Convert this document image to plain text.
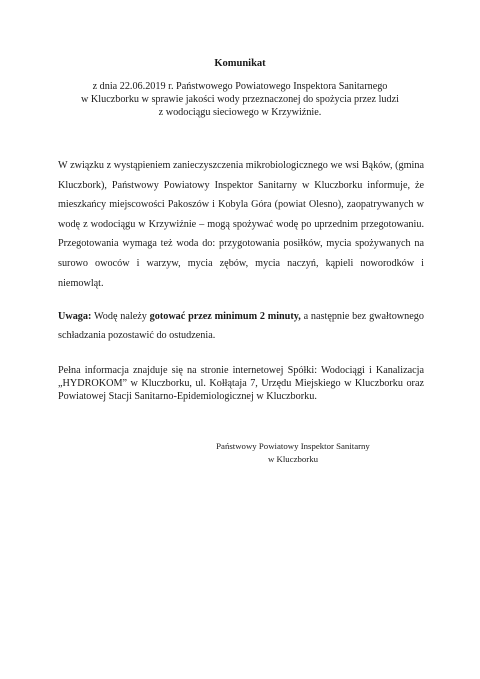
Komunikat
z dnia 22.06.2019 r. Państwowego Powiatowego Inspektora Sanitarnego
w Kluczborku w sprawie jakości wody przeznaczonej do spożycia przez ludzi
z wodociągu sieciowego w Krzywiźnie.
W związku z wystąpieniem zanieczyszczenia mikrobiologicznego we wsi Bąków, (gmina Kluczbork), Państwowy Powiatowy Inspektor Sanitarny w Kluczborku informuje, że mieszkańcy miejscowości Pakoszów i Kobyla Góra (powiat Olesno), zaopatrywanych w wodę z wodociągu w Krzywiźnie – mogą spożywać wodę po uprzednim przegotowaniu. Przegotowania wymaga też woda do: przygotowania posiłków, mycia spożywanych na surowo owoców i warzyw, mycia zębów, mycia naczyń, kąpieli noworodków i niemowląt.
Uwaga: Wodę należy gotować przez minimum 2 minuty, a następnie bez gwałtownego schładzania pozostawić do ostudzenia.
Pełna informacja znajduje się na stronie internetowej Spółki: Wodociągi i Kanalizacja „HYDROKOM” w Kluczborku, ul. Kołłątaja 7, Urzędu Miejskiego w Kluczborku oraz Powiatowej Stacji Sanitarno-Epidemiologicznej w Kluczborku.
Państwowy Powiatowy Inspektor Sanitarny
w Kluczborku
